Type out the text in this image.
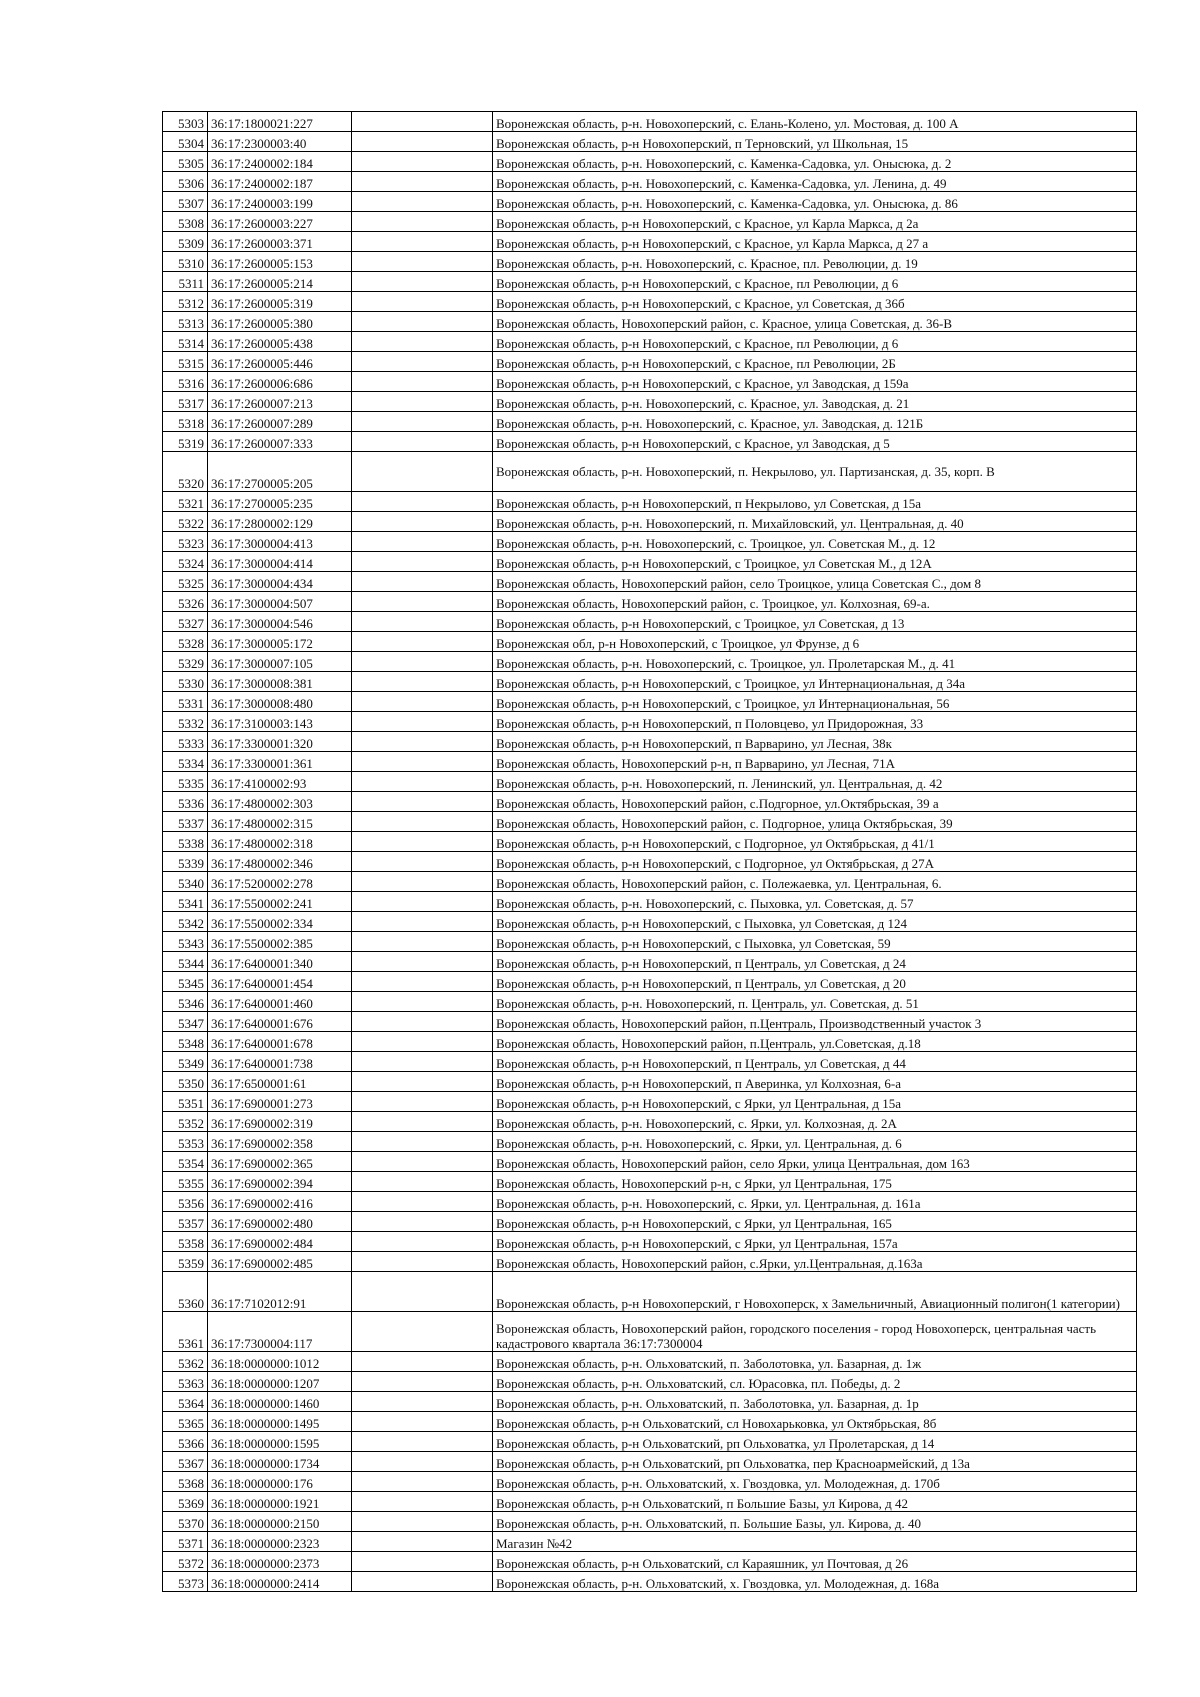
5303	36:17:1800021:227		Воронежская область, р-н. Новохоперский, с. Елань-Колено, ул. Мостовая, д. 100 А
5304	36:17:2300003:40		Воронежская область, р-н Новохоперский, п Терновский, ул Школьная, 15
5305	36:17:2400002:184		Воронежская область, р-н. Новохоперский, с. Каменка-Садовка, ул. Онысюка, д. 2
5306	36:17:2400002:187		Воронежская область, р-н. Новохоперский, с. Каменка-Садовка, ул. Ленина, д. 49
5307	36:17:2400003:199		Воронежская область, р-н. Новохоперский, с. Каменка-Садовка, ул. Онысюка, д. 86
5308	36:17:2600003:227		Воронежская область, р-н Новохоперский, с Красное, ул Карла Маркса, д 2а
5309	36:17:2600003:371		Воронежская область, р-н Новохоперский, с Красное, ул Карла Маркса, д 27 а
5310	36:17:2600005:153		Воронежская область, р-н. Новохоперский, с. Красное, пл. Революции, д. 19
5311	36:17:2600005:214		Воронежская область, р-н Новохоперский, с Красное, пл Революции, д 6
5312	36:17:2600005:319		Воронежская область, р-н Новохоперский, с Красное, ул Советская, д 36б
5313	36:17:2600005:380		Воронежская область, Новохоперский район, с. Красное, улица Советская, д. 36-В
5314	36:17:2600005:438		Воронежская область, р-н Новохоперский, с Красное, пл Революции, д 6
5315	36:17:2600005:446		Воронежская область, р-н Новохоперский, с Красное, пл Революции, 2Б
5316	36:17:2600006:686		Воронежская область, р-н Новохоперский, с Красное, ул Заводская, д 159а
5317	36:17:2600007:213		Воронежская область, р-н. Новохоперский, с. Красное, ул. Заводская, д. 21
5318	36:17:2600007:289		Воронежская область, р-н. Новохоперский, с. Красное, ул. Заводская, д. 121Б
5319	36:17:2600007:333		Воронежская область, р-н Новохоперский, с Красное, ул Заводская, д 5
5320	36:17:2700005:205		Воронежская область, р-н. Новохоперский, п. Некрылово, ул. Партизанская, д. 35, корп. В
5321	36:17:2700005:235		Воронежская область, р-н Новохоперский, п Некрылово, ул Советская, д 15а
5322	36:17:2800002:129		Воронежская область, р-н. Новохоперский, п. Михайловский, ул. Центральная, д. 40
5323	36:17:3000004:413		Воронежская область, р-н. Новохоперский, с. Троицкое, ул. Советская М., д. 12
5324	36:17:3000004:414		Воронежская область, р-н Новохоперский, с Троицкое, ул Советская М., д 12А
5325	36:17:3000004:434		Воронежская область, Новохоперский район, село Троицкое, улица Советская С., дом 8
5326	36:17:3000004:507		Воронежская область, Новохоперский район, с. Троицкое, ул. Колхозная, 69-а.
5327	36:17:3000004:546		Воронежская область, р-н Новохоперский, с Троицкое, ул Советская, д 13
5328	36:17:3000005:172		Воронежская обл, р-н Новохоперский, с Троицкое, ул Фрунзе, д 6
5329	36:17:3000007:105		Воронежская область, р-н. Новохоперский, с. Троицкое, ул. Пролетарская М., д. 41
5330	36:17:3000008:381		Воронежская область, р-н Новохоперский, с Троицкое, ул Интернациональная, д 34а
5331	36:17:3000008:480		Воронежская область, р-н Новохоперский, с Троицкое, ул Интернациональная, 56
5332	36:17:3100003:143		Воронежская область, р-н Новохоперский, п Половцево, ул Придорожная, 33
5333	36:17:3300001:320		Воронежская область, р-н Новохоперский, п Варварино, ул Лесная, 38к
5334	36:17:3300001:361		Воронежская область, Новохоперский р-н, п Варварино, ул Лесная, 71А
5335	36:17:4100002:93		Воронежская область, р-н. Новохоперский, п. Ленинский, ул. Центральная, д. 42
5336	36:17:4800002:303		Воронежская область, Новохоперский район, с.Подгорное, ул.Октябрьская, 39 а
5337	36:17:4800002:315		Воронежская область, Новохоперский район, с. Подгорное, улица Октябрьская, 39
5338	36:17:4800002:318		Воронежская область, р-н Новохоперский, с Подгорное, ул Октябрьская, д 41/1
5339	36:17:4800002:346		Воронежская область, р-н Новохоперский, с Подгорное, ул Октябрьская, д 27А
5340	36:17:5200002:278		Воронежская область, Новохоперский район, с. Полежаевка, ул. Центральная, 6.
5341	36:17:5500002:241		Воронежская область, р-н. Новохоперский, с. Пыховка, ул. Советская, д. 57
5342	36:17:5500002:334		Воронежская область, р-н Новохоперский, с Пыховка, ул Советская, д 124
5343	36:17:5500002:385		Воронежская область, р-н Новохоперский, с Пыховка, ул Советская, 59
5344	36:17:6400001:340		Воронежская область, р-н Новохоперский, п Централь, ул Советская, д 24
5345	36:17:6400001:454		Воронежская область, р-н Новохоперский, п Централь, ул Советская, д 20
5346	36:17:6400001:460		Воронежская область, р-н. Новохоперский, п. Централь, ул. Советская, д. 51
5347	36:17:6400001:676		Воронежская область, Новохоперский район, п.Централь, Производственный участок 3
5348	36:17:6400001:678		Воронежская область, Новохоперский район, п.Централь, ул.Советская, д.18
5349	36:17:6400001:738		Воронежская область, р-н Новохоперский, п Централь, ул Советская, д 44
5350	36:17:6500001:61		Воронежская область, р-н Новохоперский, п Аверинка, ул Колхозная, 6-а
5351	36:17:6900001:273		Воронежская область, р-н Новохоперский, с Ярки, ул Центральная, д 15а
5352	36:17:6900002:319		Воронежская область, р-н. Новохоперский, с. Ярки, ул. Колхозная, д. 2А
5353	36:17:6900002:358		Воронежская область, р-н. Новохоперский, с. Ярки, ул. Центральная, д. 6
5354	36:17:6900002:365		Воронежская область, Новохоперский район, село Ярки, улица Центральная, дом 163
5355	36:17:6900002:394		Воронежская область, Новохоперский р-н, с Ярки, ул Центральная, 175
5356	36:17:6900002:416		Воронежская область, р-н. Новохоперский, с. Ярки, ул. Центральная, д. 161а
5357	36:17:6900002:480		Воронежская область, р-н Новохоперский, с Ярки, ул Центральная, 165
5358	36:17:6900002:484		Воронежская область, р-н Новохоперский, с Ярки, ул Центральная, 157а
5359	36:17:6900002:485		Воронежская область, Новохоперский район, с.Ярки, ул.Центральная, д.163а
5360	36:17:7102012:91		Воронежская область, р-н Новохоперский, г Новохоперск, х Замельничный, Авиационный полигон(1 категории)
5361	36:17:7300004:117		Воронежская область, Новохоперский район, городского поселения - город Новохоперск, центральная часть кадастрового квартала 36:17:7300004
5362	36:18:0000000:1012		Воронежская область, р-н. Ольховатский, п. Заболотовка, ул. Базарная, д. 1ж
5363	36:18:0000000:1207		Воронежская область, р-н. Ольховатский, сл. Юрасовка, пл. Победы, д. 2
5364	36:18:0000000:1460		Воронежская область, р-н. Ольховатский, п. Заболотовка, ул. Базарная, д. 1р
5365	36:18:0000000:1495		Воронежская область, р-н Ольховатский, сл Новохарьковка, ул Октябрьская, 8б
5366	36:18:0000000:1595		Воронежская область, р-н Ольховатский, рп Ольховатка, ул Пролетарская, д 14
5367	36:18:0000000:1734		Воронежская область, р-н Ольховатский, рп Ольховатка, пер Красноармейский, д 13а
5368	36:18:0000000:176		Воронежская область, р-н. Ольховатский, х. Гвоздовка, ул. Молодежная, д. 170б
5369	36:18:0000000:1921		Воронежская область, р-н Ольховатский, п Большие Базы, ул Кирова, д 42
5370	36:18:0000000:2150		Воронежская область, р-н. Ольховатский, п. Большие Базы, ул. Кирова, д. 40
5371	36:18:0000000:2323		Магазин №42
5372	36:18:0000000:2373		Воронежская область, р-н Ольховатский, сл Караяшник, ул Почтовая, д 26
5373	36:18:0000000:2414		Воронежская область, р-н. Ольховатский, х. Гвоздовка, ул. Молодежная, д. 168а
